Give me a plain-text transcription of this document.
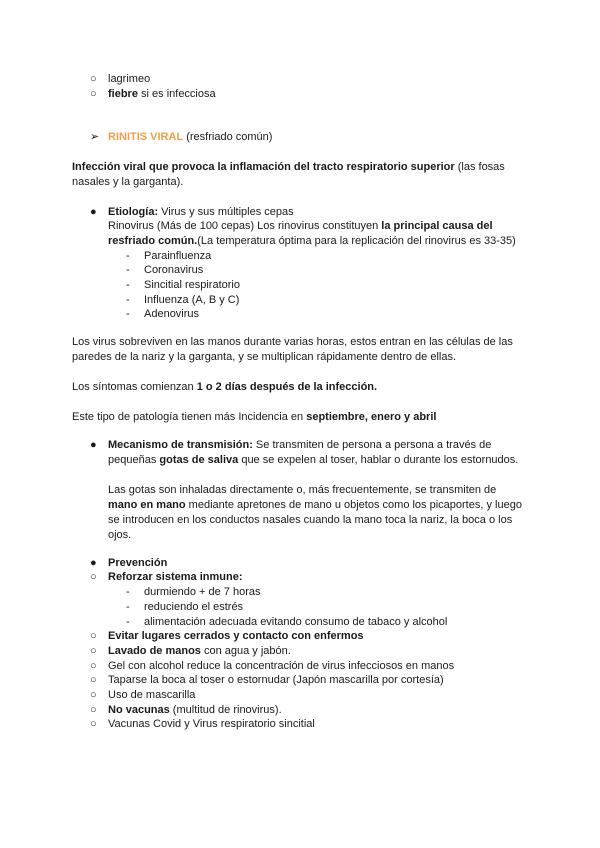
○ lagrimeo
○ fiebre si es infecciosa
➢ RINITIS VIRAL (resfriado común)
Infección viral que provoca la inflamación del tracto respiratorio superior (las fosas nasales y la garganta).
● Etiología: Virus y sus múltiples cepas
Rinovirus (Más de 100 cepas) Los rinovirus constituyen la principal causa del resfriado común.(La temperatura óptima para la replicación del rinovirus es 33-35)
- Parainfluenza
- Coronavirus
- Sincitial respiratorio
- Influenza (A, B y C)
- Adenovirus
Los virus sobreviven en las manos durante varias horas, estos entran en las células de las paredes de la nariz y la garganta, y se multiplican rápidamente dentro de ellas.
Los síntomas comienzan 1 o 2 días después de la infección.
Este tipo de patología tienen más Incidencia en septiembre, enero y abril
●	Mecanismo de transmisión: Se transmiten de persona a persona a través de pequeñas gotas de saliva que se expelen al toser, hablar o durante los estornudos.
Las gotas son inhaladas directamente o, más frecuentemente, se transmiten de mano en mano mediante apretones de mano u objetos como los picaportes, y luego se introducen en los conductos nasales cuando la mano toca la nariz, la boca o los ojos.
● Prevención
○ Reforzar sistema inmune:
- durmiendo + de 7 horas
- reduciendo el estrés
- alimentación adecuada evitando consumo de tabaco y alcohol
○ Evitar lugares cerrados y contacto con enfermos
○ Lavado de manos con agua y jabón.
○ Gel con alcohol reduce la concentración de virus infecciosos en manos
○ Taparse la boca al toser o estornudar (Japón mascarilla por cortesía)
○ Uso de mascarilla
○ No vacunas (multitud de rinovirus).
○ Vacunas Covid y Virus respiratorio sincitial
